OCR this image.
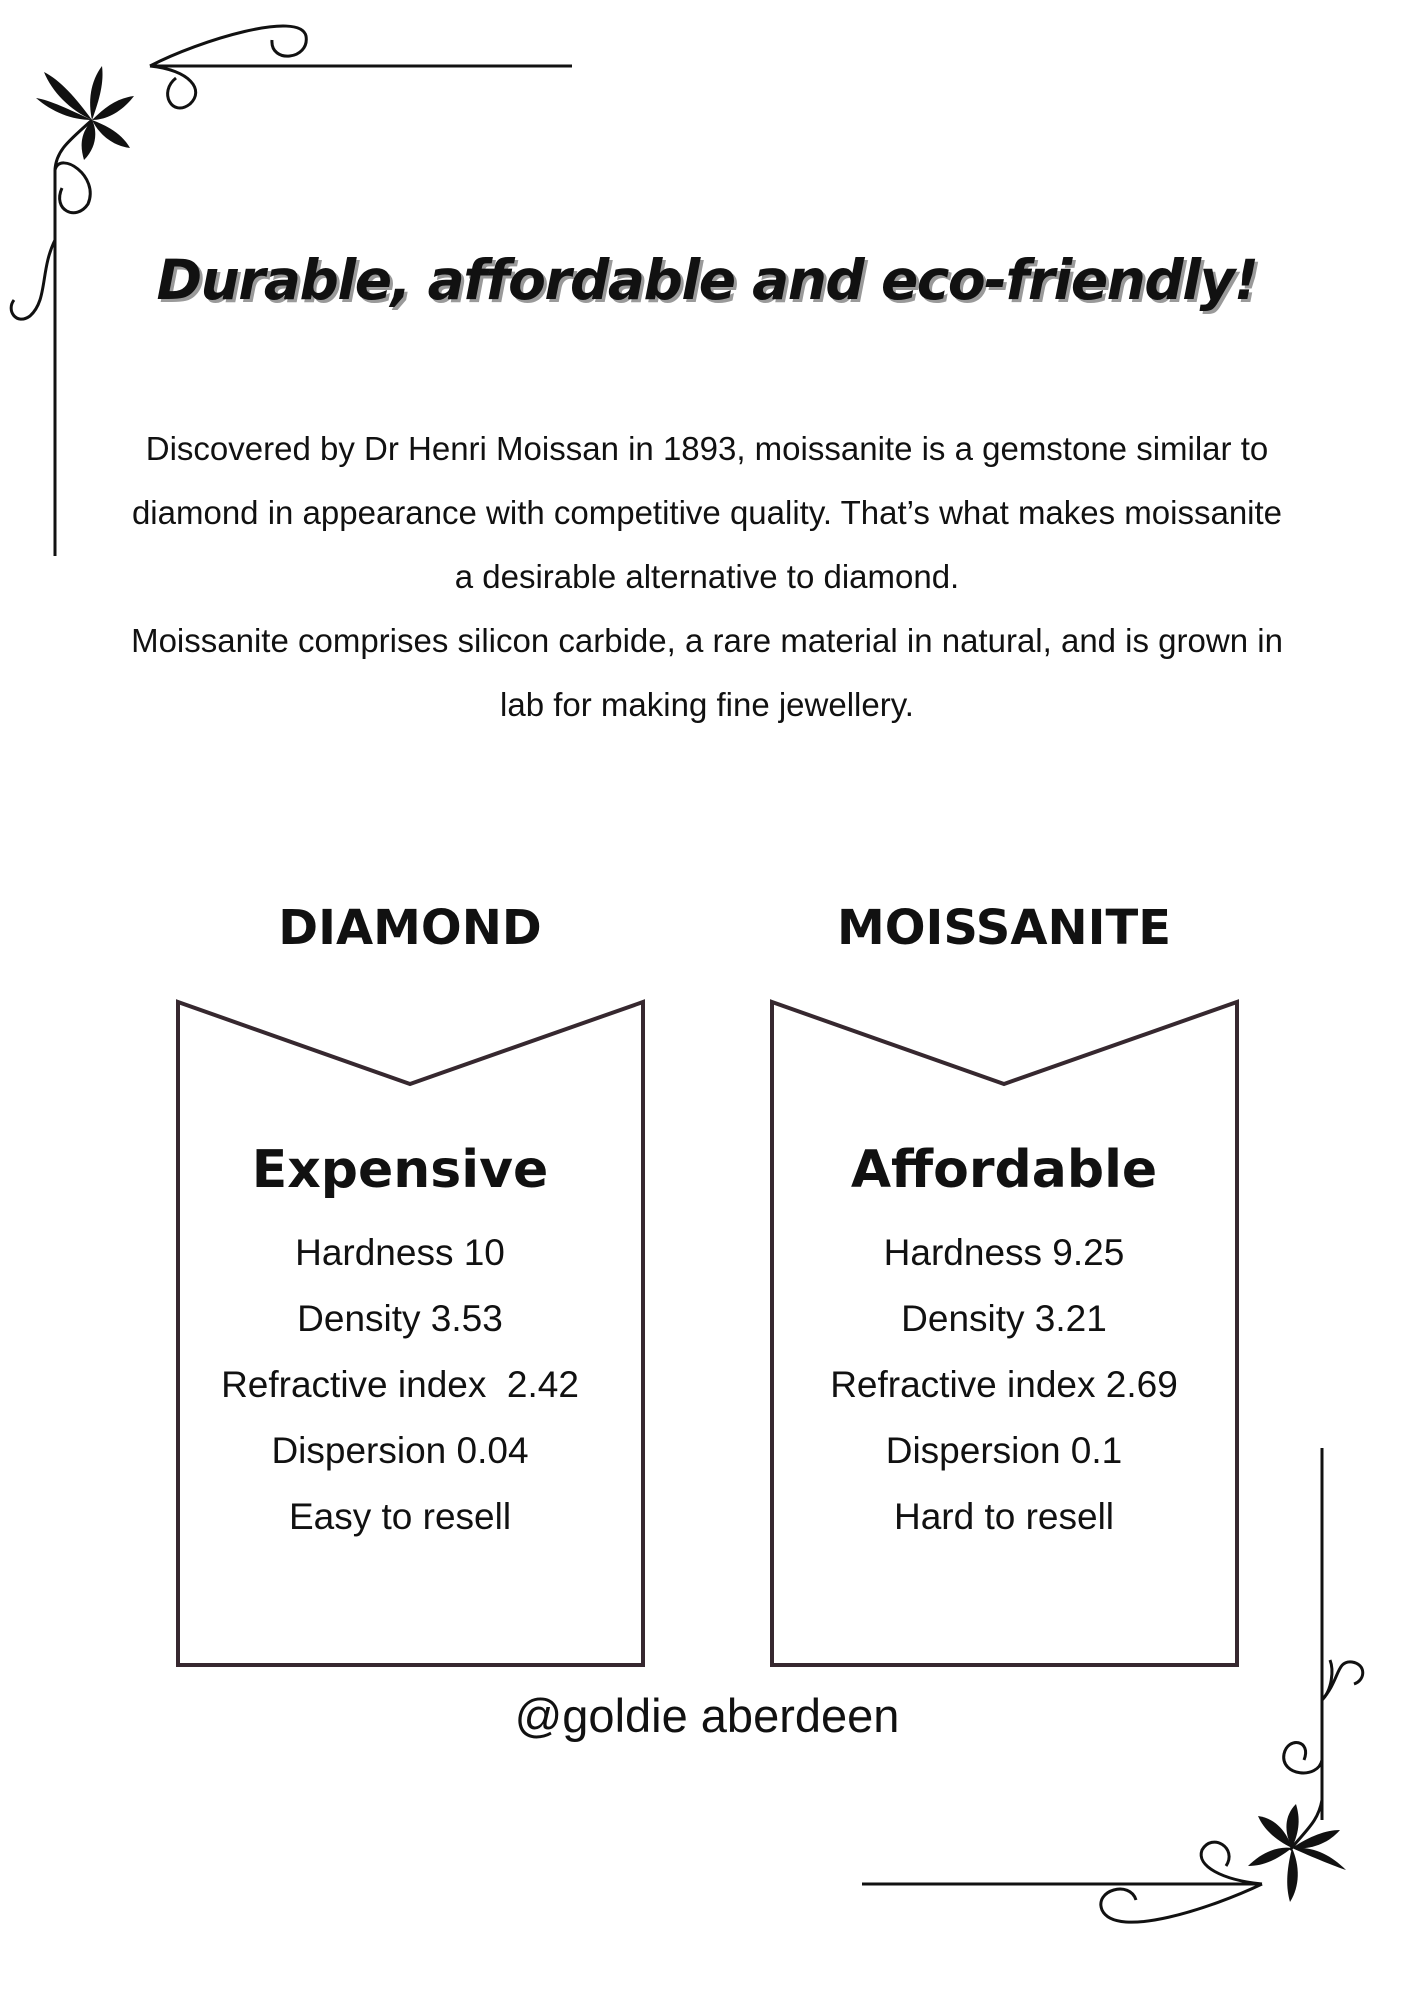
Durable, affordable and eco-friendly!

Discovered by Dr Henri Moissan in 1893, moissanite is a gemstone similar to diamond in appearance with competitive quality. That’s what makes moissanite a desirable alternative to diamond.

Moissanite comprises silicon carbide, a rare material in natural, and is grown in lab for making fine jewellery.

DIAMOND	MOISSANITE
Expensive
Hardness 10
Density 3.53
Refractive index  2.42
Dispersion 0.04
Easy to resell
Affordable
Hardness 9.25
Density 3.21
Refractive index 2.69
Dispersion 0.1
Hard to resell
@goldie aberdeen
